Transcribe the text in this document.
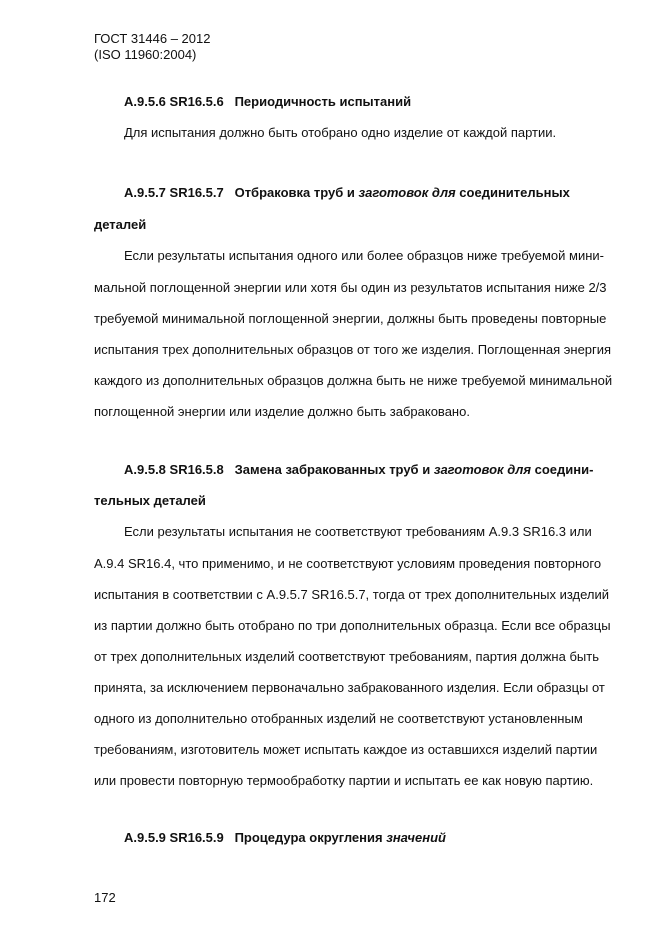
ГОСТ 31446 – 2012
(ISO 11960:2004)
A.9.5.6 SR16.5.6 Периодичность испытаний
Для испытания должно быть отобрано одно изделие от каждой партии.
A.9.5.7 SR16.5.7 Отбраковка труб и заготовок для соединительных
деталей
Если результаты испытания одного или более образцов ниже требуемой мини-
мальной поглощенной энергии или хотя бы один из результатов испытания ниже 2/3
требуемой минимальной поглощенной энергии, должны быть проведены повторные
испытания трех дополнительных образцов от того же изделия. Поглощенная энергия
каждого из дополнительных образцов должна быть не ниже требуемой минимальной
поглощенной энергии или изделие должно быть забраковано.
A.9.5.8 SR16.5.8 Замена забракованных труб и заготовок для соедини-
тельных деталей
Если результаты испытания не соответствуют требованиям A.9.3 SR16.3 или
A.9.4 SR16.4, что применимо, и не соответствуют условиям проведения повторного
испытания в соответствии с A.9.5.7 SR16.5.7, тогда от трех дополнительных изделий
из партии должно быть отобрано по три дополнительных образца. Если все образцы
от трех дополнительных изделий соответствуют требованиям, партия должна быть
принята, за исключением первоначально забракованного изделия. Если образцы от
одного из дополнительно отобранных изделий не соответствуют установленным
требованиям, изготовитель может испытать каждое из оставшихся изделий партии
или провести повторную термообработку партии и испытать ее как новую партию.
A.9.5.9 SR16.5.9 Процедура округления значений
172
